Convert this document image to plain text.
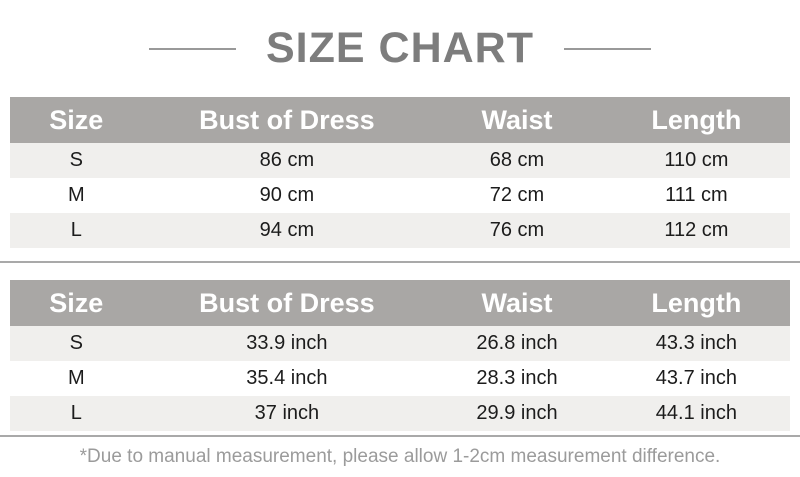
SIZE CHART
Size	Bust of Dress	Waist	Length
S	86 cm	68 cm	110 cm
M	90 cm	72 cm	111 cm
L	94 cm	76 cm	112 cm
Size	Bust of Dress	Waist	Length
S	33.9 inch	26.8 inch	43.3 inch
M	35.4 inch	28.3 inch	43.7 inch
L	37 inch	29.9 inch	44.1 inch
*Due to manual measurement, please allow 1-2cm measurement difference.
